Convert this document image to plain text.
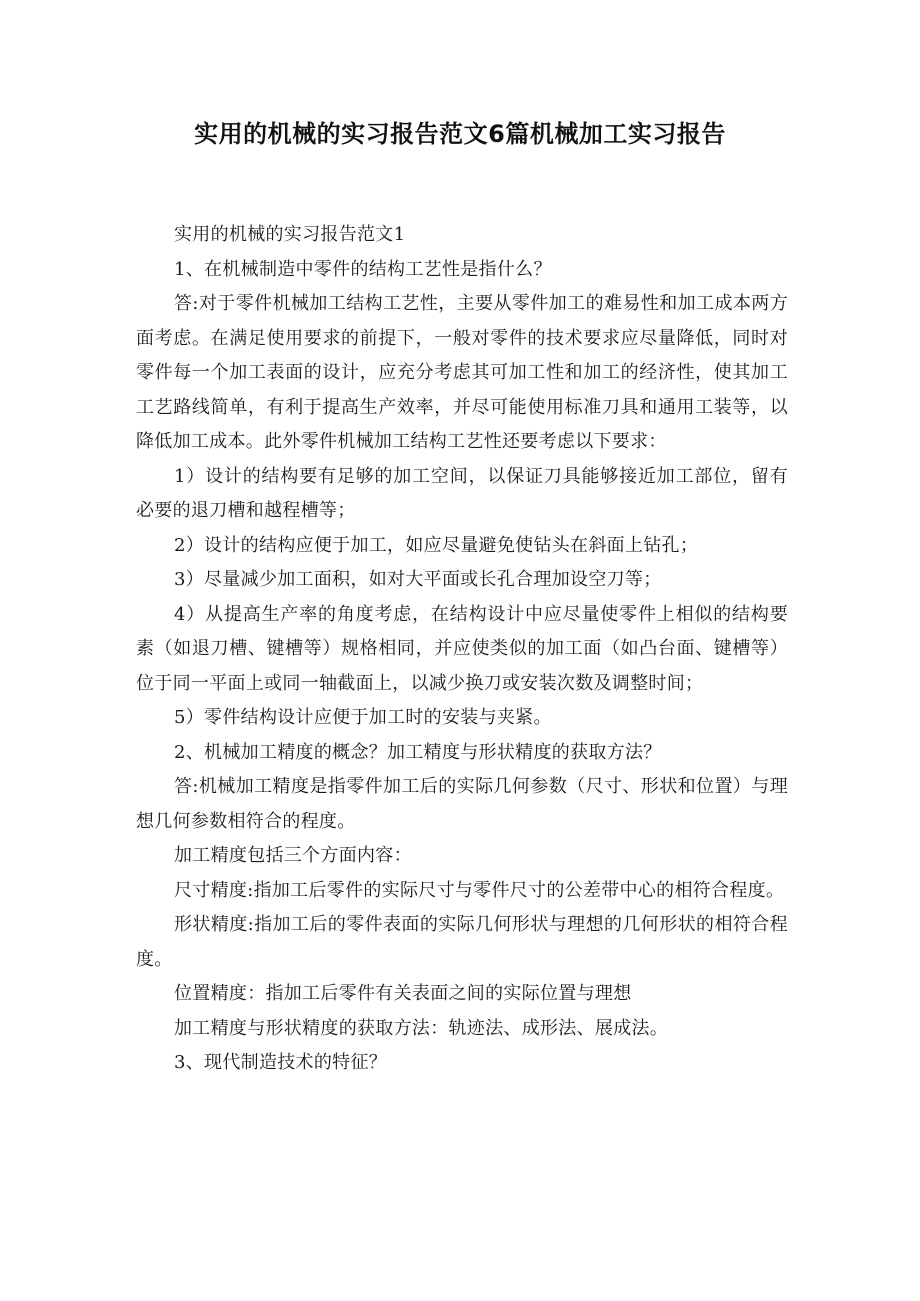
实用的机械的实习报告范文6篇机械加工实习报告

实用的机械的实习报告范文1

1、在机械制造中零件的结构工艺性是指什么？

答:对于零件机械加工结构工艺性，主要从零件加工的难易性和加工成本两方面考虑。在满足使用要求的前提下，一般对零件的技术要求应尽量降低，同时对零件每一个加工表面的设计，应充分考虑其可加工性和加工的经济性，使其加工工艺路线简单，有利于提高生产效率，并尽可能使用标准刀具和通用工装等，以降低加工成本。此外零件机械加工结构工艺性还要考虑以下要求：

1）设计的结构要有足够的加工空间，以保证刀具能够接近加工部位，留有必要的退刀槽和越程槽等；

2）设计的结构应便于加工，如应尽量避免使钻头在斜面上钻孔；

3）尽量减少加工面积，如对大平面或长孔合理加设空刀等；

4）从提高生产率的角度考虑，在结构设计中应尽量使零件上相似的结构要素（如退刀槽、键槽等）规格相同，并应使类似的加工面（如凸台面、键槽等）位于同一平面上或同一轴截面上，以减少换刀或安装次数及调整时间；

5）零件结构设计应便于加工时的安装与夹紧。

2、机械加工精度的概念？加工精度与形状精度的获取方法？

答:机械加工精度是指零件加工后的实际几何参数（尺寸、形状和位置）与理想几何参数相符合的程度。

加工精度包括三个方面内容：

尺寸精度:指加工后零件的实际尺寸与零件尺寸的公差带中心的相符合程度。

形状精度:指加工后的零件表面的实际几何形状与理想的几何形状的相符合程度。

位置精度：指加工后零件有关表面之间的实际位置与理想

加工精度与形状精度的获取方法：轨迹法、成形法、展成法。

3、现代制造技术的特征？
